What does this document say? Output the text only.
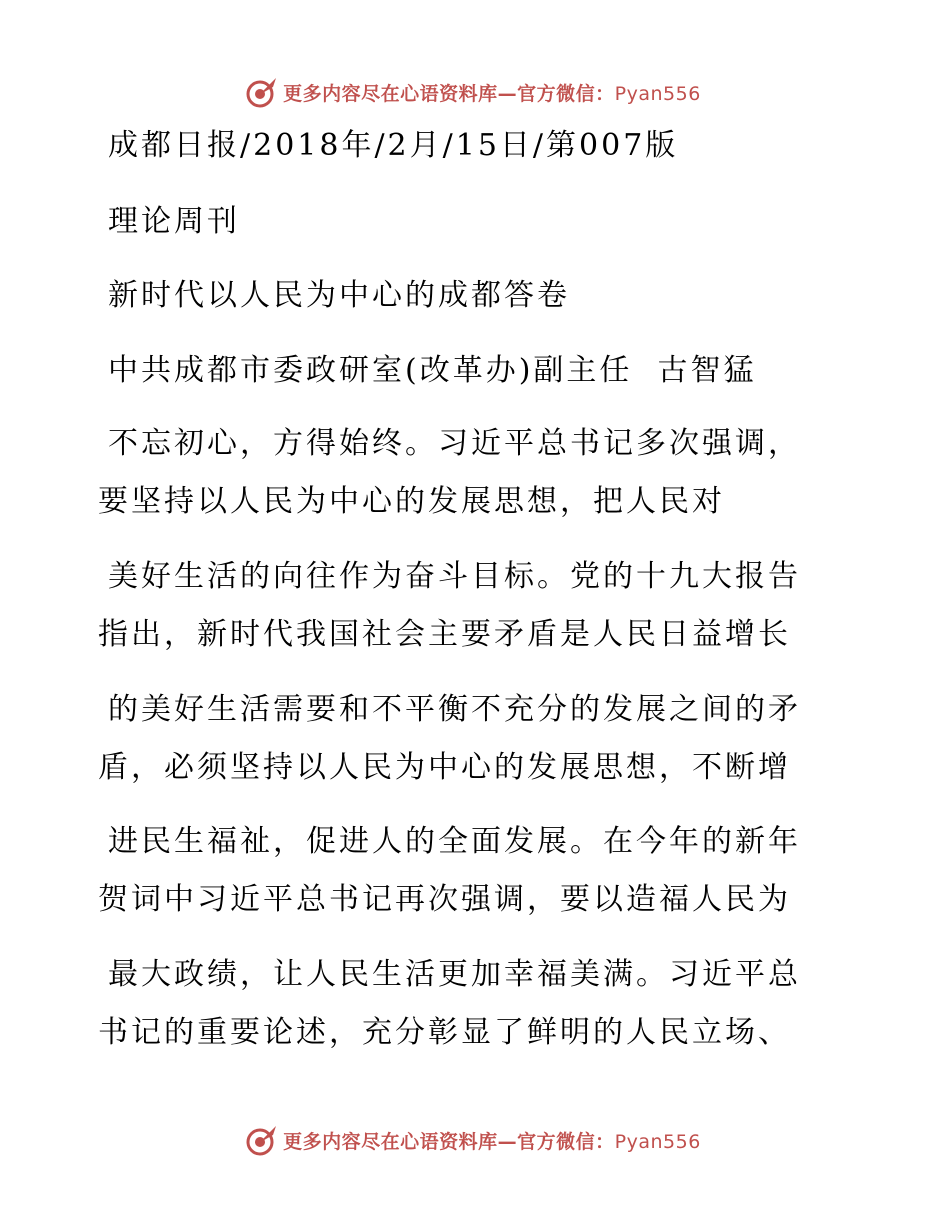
更多内容尽在心语资料库—官方微信：Pyan556
成都日报/2018年/2月/15日/第007版
理论周刊
新时代以人民为中心的成都答卷
中共成都市委政研室(改革办)副主任  古智猛
不忘初心，方得始终。习近平总书记多次强调，
要坚持以人民为中心的发展思想，把人民对
美好生活的向往作为奋斗目标。党的十九大报告
指出，新时代我国社会主要矛盾是人民日益增长
的美好生活需要和不平衡不充分的发展之间的矛
盾，必须坚持以人民为中心的发展思想，不断增
进民生福祉，促进人的全面发展。在今年的新年
贺词中习近平总书记再次强调，要以造福人民为
最大政绩，让人民生活更加幸福美满。习近平总
书记的重要论述，充分彰显了鲜明的人民立场、
更多内容尽在心语资料库—官方微信：Pyan556
